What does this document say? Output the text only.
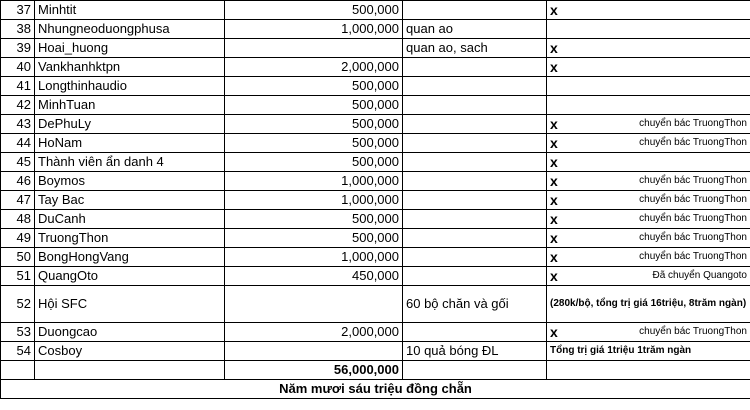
37	Minhtit	500,000		x

38	Nhungneoduongphusa	1,000,000	quan ao	

39	Hoai_huong		quan ao, sach	x

40	Vankhanhktpn	2,000,000		x

41	Longthinhaudio	500,000		

42	MinhTuan	500,000		

43	DePhuLy	500,000		x chuyển bác TruongThon

44	HoNam	500,000		x chuyển bác TruongThon

45	Thành viên ẩn danh 4	500,000		x

46	Boymos	1,000,000		x chuyển bác TruongThon

47	Tay Bac	1,000,000		x chuyển bác TruongThon

48	DuCanh	500,000		x chuyển bác TruongThon

49	TruongThon	500,000		x chuyển bác TruongThon

50	BongHongVang	1,000,000		x chuyển bác TruongThon

51	QuangOto	450,000		x Đã chuyển Quangoto

52	Hội SFC		60 bộ chăn và gối	(280k/bộ, tổng trị giá 16triệu, 8trăm ngàn)
53	Duongcao	2,000,000		x chuyển bác TruongThon

54	Cosboy		10 quả bóng ĐL	Tổng trị giá 1triệu 1trăm ngàn
		56,000,000		
Năm mươi sáu triệu đồng chẵn				
